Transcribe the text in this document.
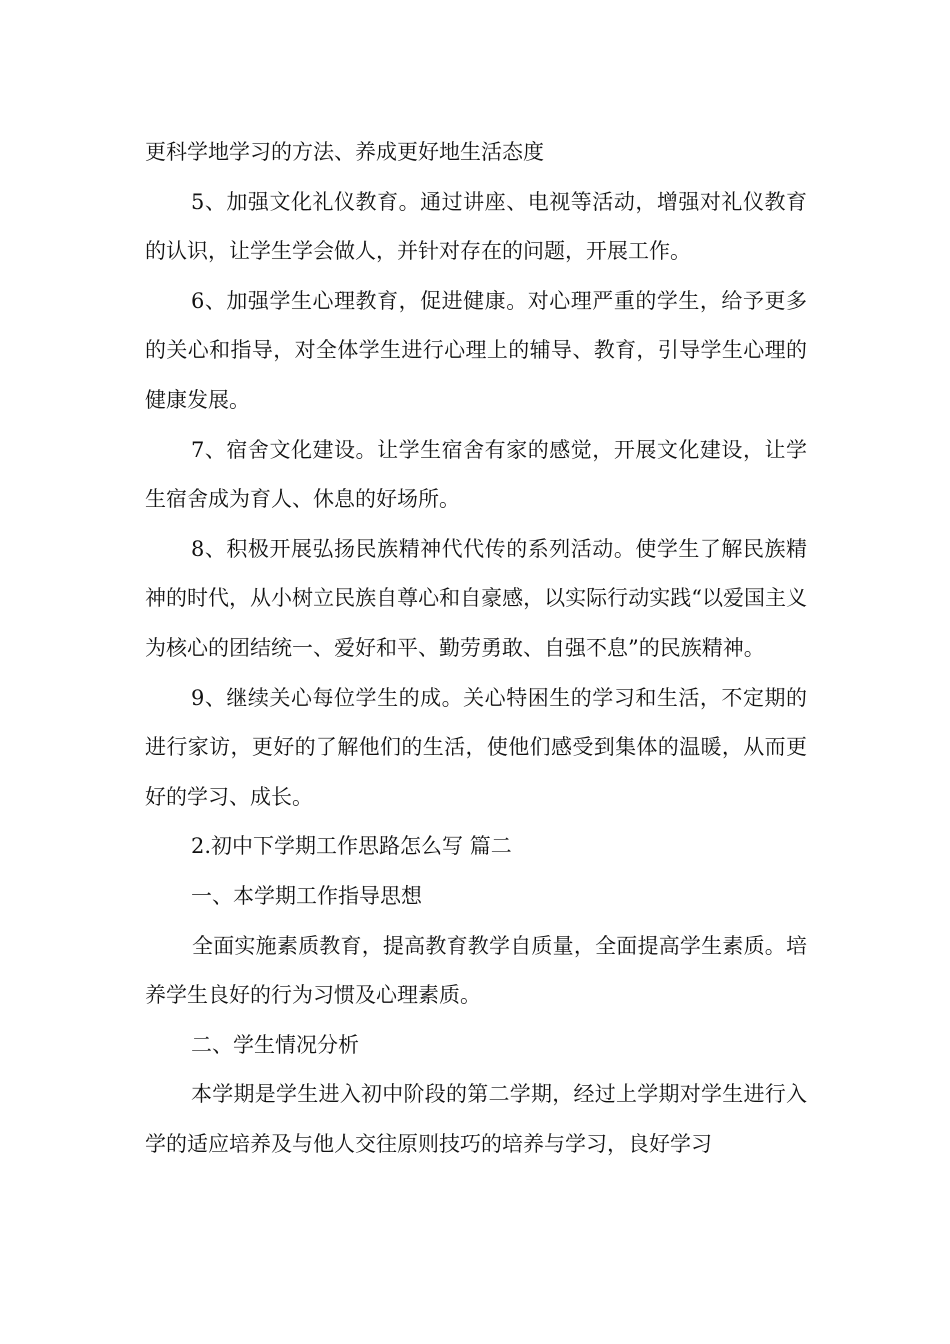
更科学地学习的方法、养成更好地生活态度

5、加强文化礼仪教育。通过讲座、电视等活动，增强对礼仪教育的认识，让学生学会做人，并针对存在的问题，开展工作。

6、加强学生心理教育，促进健康。对心理严重的学生，给予更多的关心和指导，对全体学生进行心理上的辅导、教育，引导学生心理的健康发展。

7、宿舍文化建设。让学生宿舍有家的感觉，开展文化建设，让学生宿舍成为育人、休息的好场所。

8、积极开展弘扬民族精神代代传的系列活动。使学生了解民族精神的时代，从小树立民族自尊心和自豪感，以实际行动实践“以爱国主义为核心的团结统一、爱好和平、勤劳勇敢、自强不息”的民族精神。

9、继续关心每位学生的成。关心特困生的学习和生活，不定期的进行家访，更好的了解他们的生活，使他们感受到集体的温暖，从而更好的学习、成长。

2.初中下学期工作思路怎么写 篇二

一、本学期工作指导思想

全面实施素质教育，提高教育教学自质量，全面提高学生素质。培养学生良好的行为习惯及心理素质。

二、学生情况分析

本学期是学生进入初中阶段的第二学期，经过上学期对学生进行入学的适应培养及与他人交往原则技巧的培养与学习，良好学习
